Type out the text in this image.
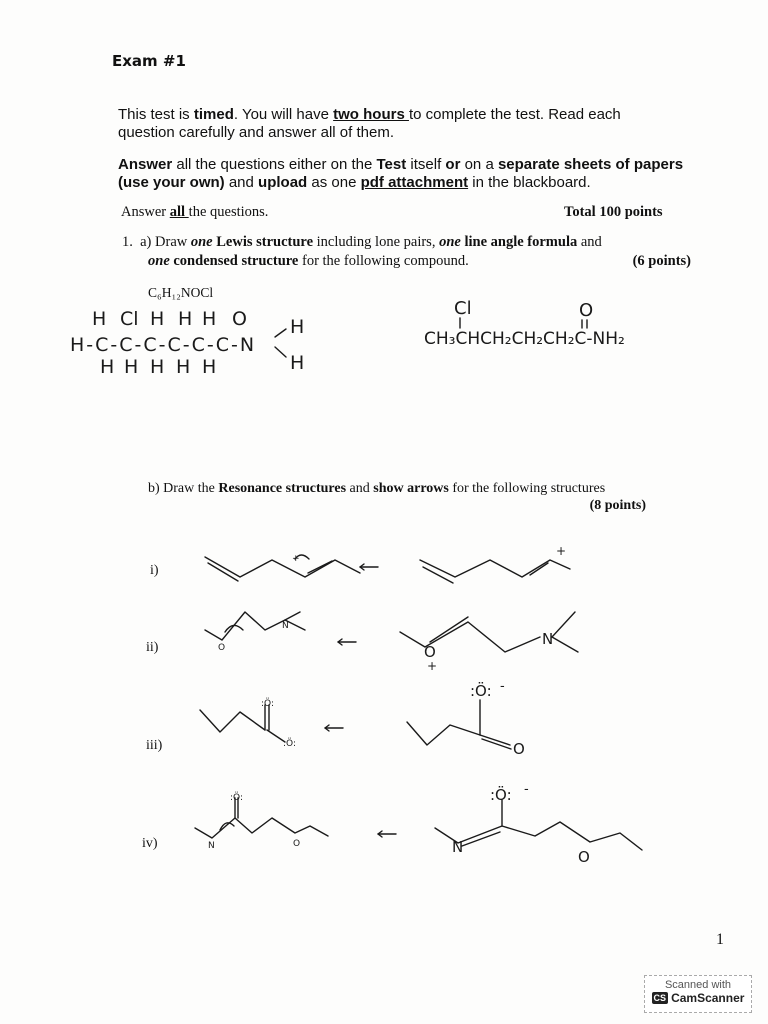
Exam #1
This test is timed. You will have two hours to complete the test. Read each question carefully and answer all of them.
Answer all the questions either on the Test itself or on a separate sheets of papers (use your own) and upload as one pdf attachment in the blackboard.
Answer all the questions.	Total 100 points
1. a) Draw one Lewis structure including lone pairs, one line angle formula and
one condensed structure for the following compound.	(6 points)
C₆H₁₂NOCl
H Cl H H H O H
H-C-C-C-C-C-C-N
H H H H H	H
Cl	O
CH₃CHCH₂CH₂CH₂C-NH₂
b) Draw the Resonance structures and show arrows for the following structures
(8 points)
i)
ii)
iii)
iv)
+
+
O
N
N
O
+
:Ö:
:Ö:
:Ö: -
O
:Ö:
N	O
:Ö: -
N
O
1
Scanned with
CS CamScanner
